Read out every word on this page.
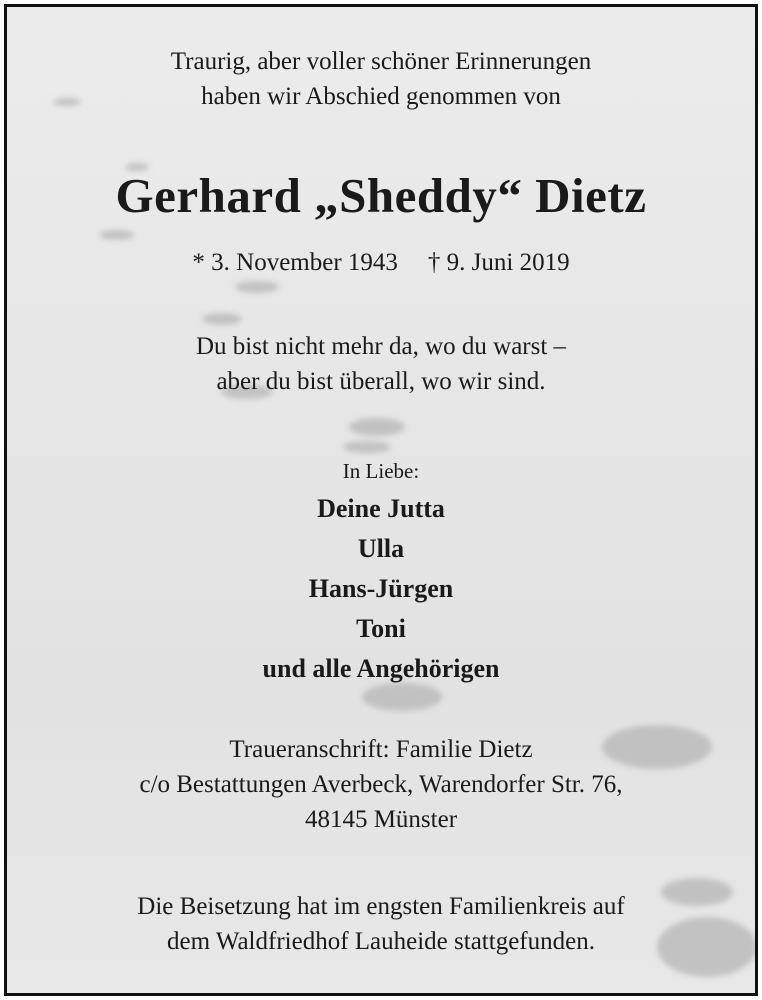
Traurig, aber voller schöner Erinnerungen
haben wir Abschied genommen von
Gerhard „Sheddy“ Dietz
* 3. November 1943 † 9. Juni 2019
Du bist nicht mehr da, wo du warst –
aber du bist überall, wo wir sind.
In Liebe:
Deine Jutta
Ulla
Hans-Jürgen
Toni
und alle Angehörigen
Traueranschrift: Familie Dietz
c/o Bestattungen Averbeck, Warendorfer Str. 76,
48145 Münster
Die Beisetzung hat im engsten Familienkreis auf
dem Waldfriedhof Lauheide stattgefunden.
